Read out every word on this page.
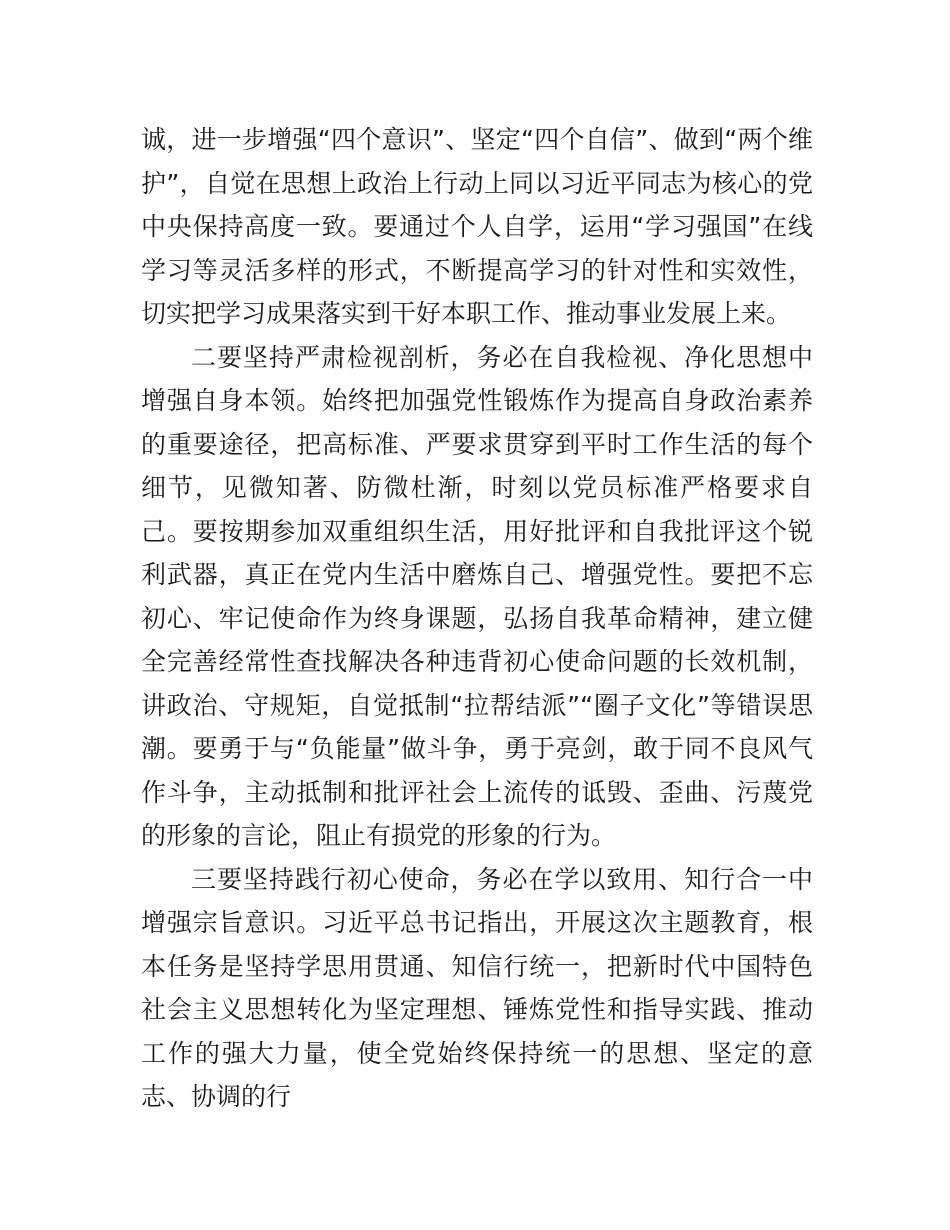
诚，进一步增强“四个意识”、坚定“四个自信”、做到“两个维护”，自觉在思想上政治上行动上同以习近平同志为核心的党中央保持高度一致。要通过个人自学，运用“学习强国”在线学习等灵活多样的形式，不断提高学习的针对性和实效性，切实把学习成果落实到干好本职工作、推动事业发展上来。

二要坚持严肃检视剖析，务必在自我检视、净化思想中增强自身本领。始终把加强党性锻炼作为提高自身政治素养的重要途径，把高标准、严要求贯穿到平时工作生活的每个细节，见微知著、防微杜渐，时刻以党员标准严格要求自己。要按期参加双重组织生活，用好批评和自我批评这个锐利武器，真正在党内生活中磨炼自己、增强党性。要把不忘初心、牢记使命作为终身课题，弘扬自我革命精神，建立健全完善经常性查找解决各种违背初心使命问题的长效机制，讲政治、守规矩，自觉抵制“拉帮结派”“圈子文化”等错误思潮。要勇于与“负能量”做斗争，勇于亮剑，敢于同不良风气作斗争，主动抵制和批评社会上流传的诋毁、歪曲、污蔑党的形象的言论，阻止有损党的形象的行为。

三要坚持践行初心使命，务必在学以致用、知行合一中增强宗旨意识。习近平总书记指出，开展这次主题教育，根本任务是坚持学思用贯通、知信行统一，把新时代中国特色社会主义思想转化为坚定理想、锤炼党性和指导实践、推动工作的强大力量，使全党始终保持统一的思想、坚定的意志、协调的行
